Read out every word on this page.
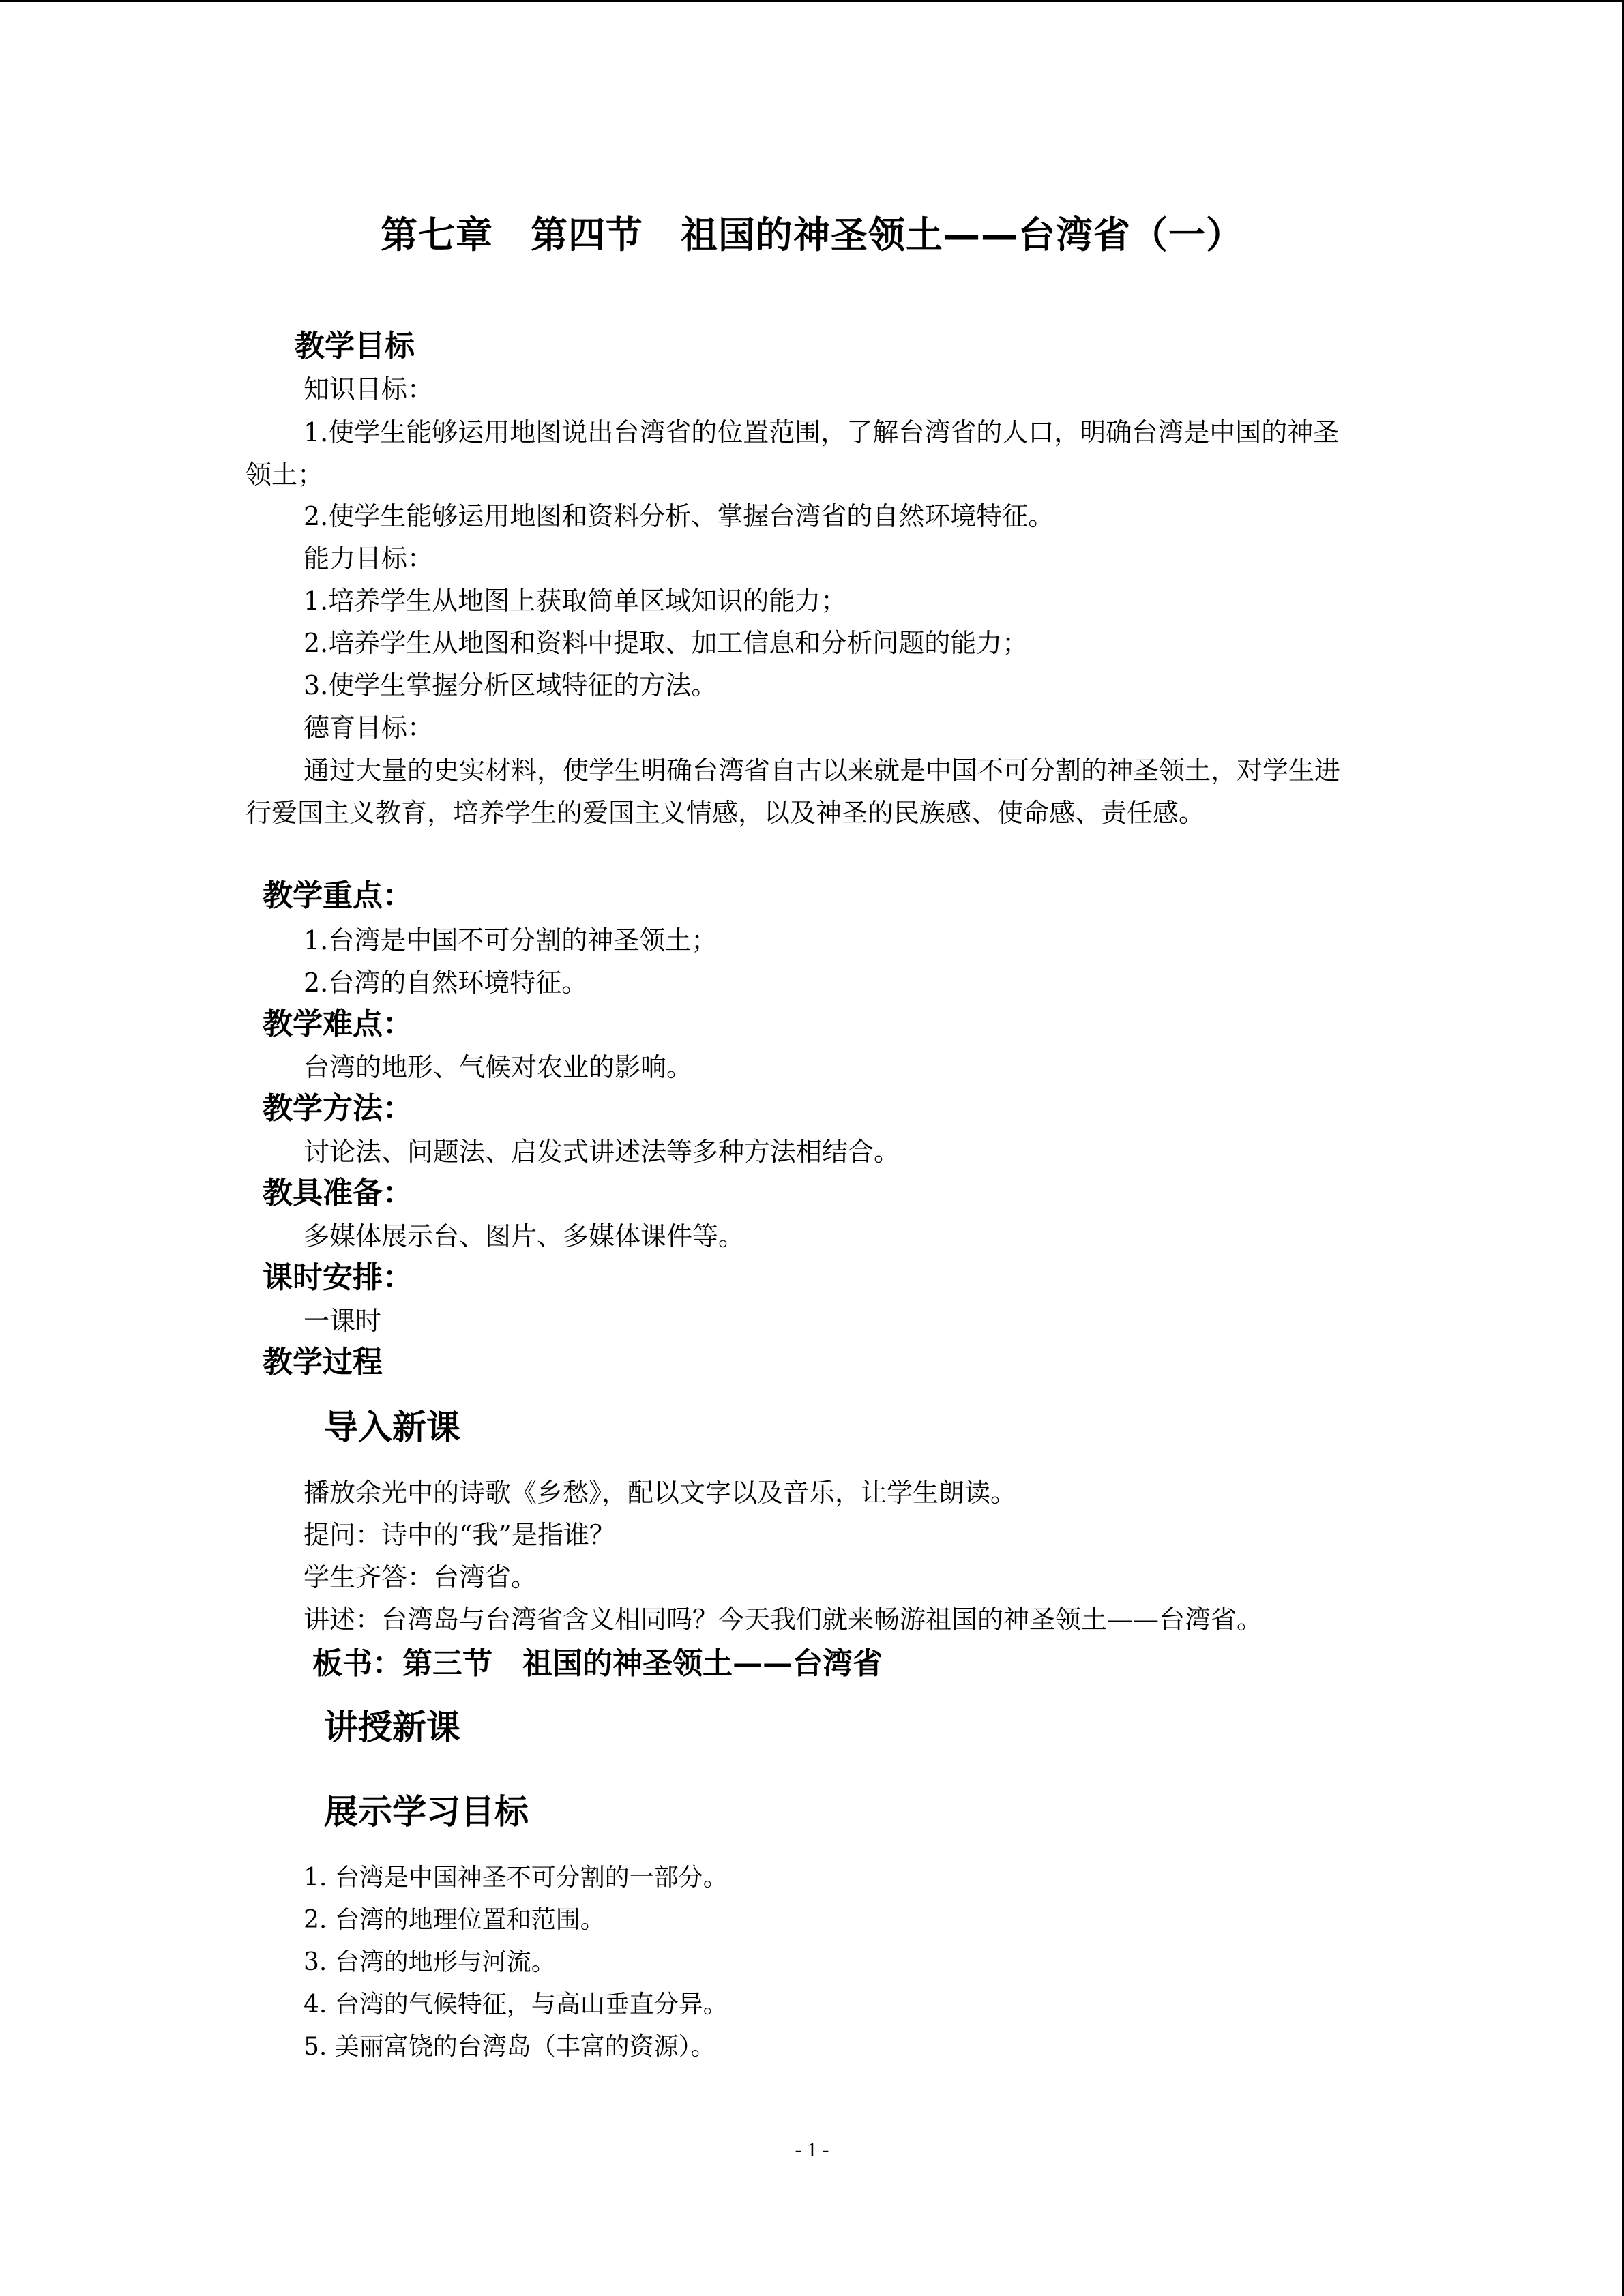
第七章　第四节　祖国的神圣领土——台湾省（一）
教学目标
知识目标：
1.使学生能够运用地图说出台湾省的位置范围，了解台湾省的人口，明确台湾是中国的神圣领土；
2.使学生能够运用地图和资料分析、掌握台湾省的自然环境特征。
能力目标：
1.培养学生从地图上获取简单区域知识的能力；
2.培养学生从地图和资料中提取、加工信息和分析问题的能力；
3.使学生掌握分析区域特征的方法。
德育目标：
通过大量的史实材料，使学生明确台湾省自古以来就是中国不可分割的神圣领土，对学生进行爱国主义教育，培养学生的爱国主义情感，以及神圣的民族感、使命感、责任感。
教学重点：
1.台湾是中国不可分割的神圣领土；
2.台湾的自然环境特征。
教学难点：
台湾的地形、气候对农业的影响。
教学方法：
讨论法、问题法、启发式讲述法等多种方法相结合。
教具准备：
多媒体展示台、图片、多媒体课件等。
课时安排：
一课时
教学过程
导入新课
播放余光中的诗歌《乡愁》，配以文字以及音乐，让学生朗读。
提问：诗中的“我”是指谁？
学生齐答：台湾省。
讲述：台湾岛与台湾省含义相同吗？今天我们就来畅游祖国的神圣领土——台湾省。
板书：第三节　祖国的神圣领土——台湾省
讲授新课
展示学习目标
1. 台湾是中国神圣不可分割的一部分。
2. 台湾的地理位置和范围。
3. 台湾的地形与河流。
4. 台湾的气候特征，与高山垂直分异。
5. 美丽富饶的台湾岛（丰富的资源）。
- 1 -
